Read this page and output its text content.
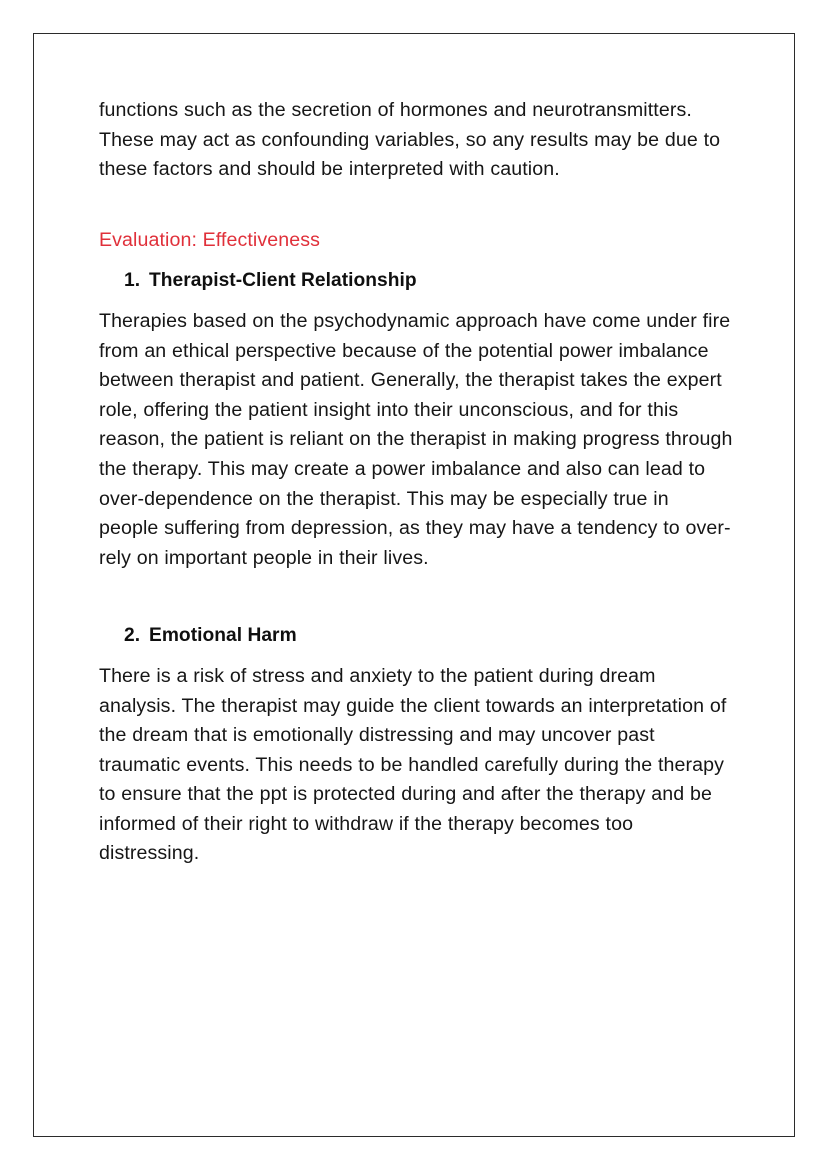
functions such as the secretion of hormones and neurotransmitters. These may act as confounding variables, so any results may be due to these factors and should be interpreted with caution.

Evaluation: Effectiveness
1. Therapist-Client Relationship

Therapies based on the psychodynamic approach have come under fire from an ethical perspective because of the potential power imbalance between therapist and patient. Generally, the therapist takes the expert role, offering the patient insight into their unconscious, and for this reason, the patient is reliant on the therapist in making progress through the therapy. This may create a power imbalance and also can lead to over-dependence on the therapist. This may be especially true in people suffering from depression, as they may have a tendency to over-rely on important people in their lives.

2. Emotional Harm

There is a risk of stress and anxiety to the patient during dream analysis. The therapist may guide the client towards an interpretation of the dream that is emotionally distressing and may uncover past traumatic events. This needs to be handled carefully during the therapy to ensure that the ppt is protected during and after the therapy and be informed of their right to withdraw if the therapy becomes too distressing.
